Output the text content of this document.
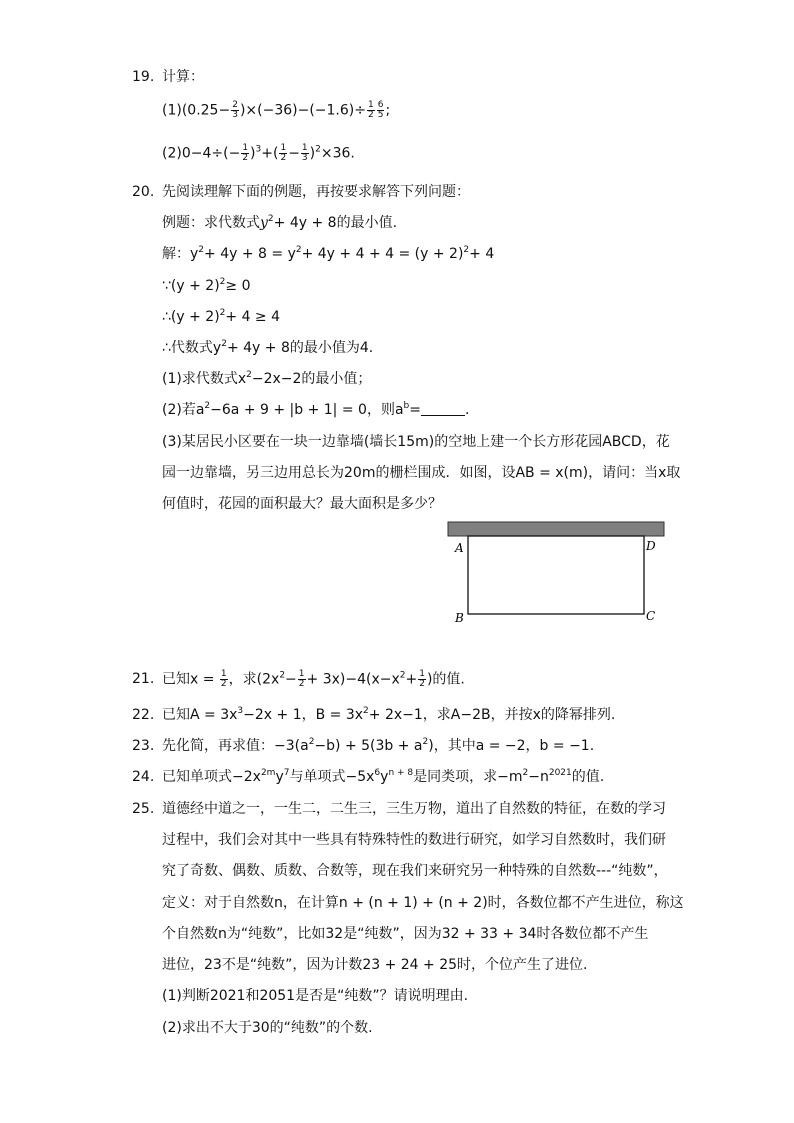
19. 计算：
$(1)(0.25- \frac{2}{3} )\times(-36)-(-1.6)\div \frac{1}{2} \frac{6}{5}$ ;
$(2)0-4\div(- \frac{1}{2} )^3+( \frac{1}{2} - \frac{1}{3} )^2\times 36$.
20. 先阅读理解下面的例题，再按要求解答下列问题：
例题：求代数式$y^2+ 4y + 8$的最小值.
解：$y^2+ 4y + 8 = y^2+ 4y + 4 + 4 = (y + 2)^2+ 4$
∵(y + 2)$^2$≥ 0
∴(y + 2)$^2$+ 4 ≥ 4
∴代数式$y^2+ 4y + 8$的最小值为4.
(1)求代数式$x^2-2x-2$的最小值；
(2)若$a^2-6a + 9 + |b + 1| = 0$，则$a^b=$	.
(3)某居民小区要在一块一边靠墙(墙长15m)的空地上建一个长方形花园ABCD，花
园一边靠墙，另三边用总长为20m的栅栏围成．如图，设AB = x(m)，请问：当x取
何值时，花园的面积最大？最大面积是多少？
A	D
B	C
21. 已知$x = \frac{1}{2}$ ，求$(2x^2- \frac{1}{2} + 3x)-4(x-x^2+ \frac{1}{2}$ )的值.
22. 已知$A = 3x^3-2x + 1$，$B = 3x^2+ 2x-1$，求A−2B，并按x的降幂排列.
23. 先化简，再求值：$-3(a^2-b) + 5(3b + a^2)$，其中a = −2，b = −1.
24. 已知单项式$-2x^{2m}y^7$与单项式$-5x^6y^{n + 8}$是同类项，求$-m^2-n^{2021}$的值.
25. 道德经中道之一，一生二，二生三，三生万物，道出了自然数的特征，在数的学习
过程中，我们会对其中一些具有特殊特性的数进行研究，如学习自然数时，我们研
究了奇数、偶数、质数、合数等，现在我们来研究另一种特殊的自然数---“纯数”，
定义：对于自然数n，在计算n + (n + 1) + (n + 2)时，各数位都不产生进位，称这
个自然数n为“纯数”，比如32是“纯数”，因为32 + 33 + 34时各数位都不产生
进位，23不是“纯数”，因为计数23 + 24 + 25时，个位产生了进位.
(1)判断2021和2051是否是“纯数”？请说明理由.
(2)求出不大于30的“纯数”的个数.
